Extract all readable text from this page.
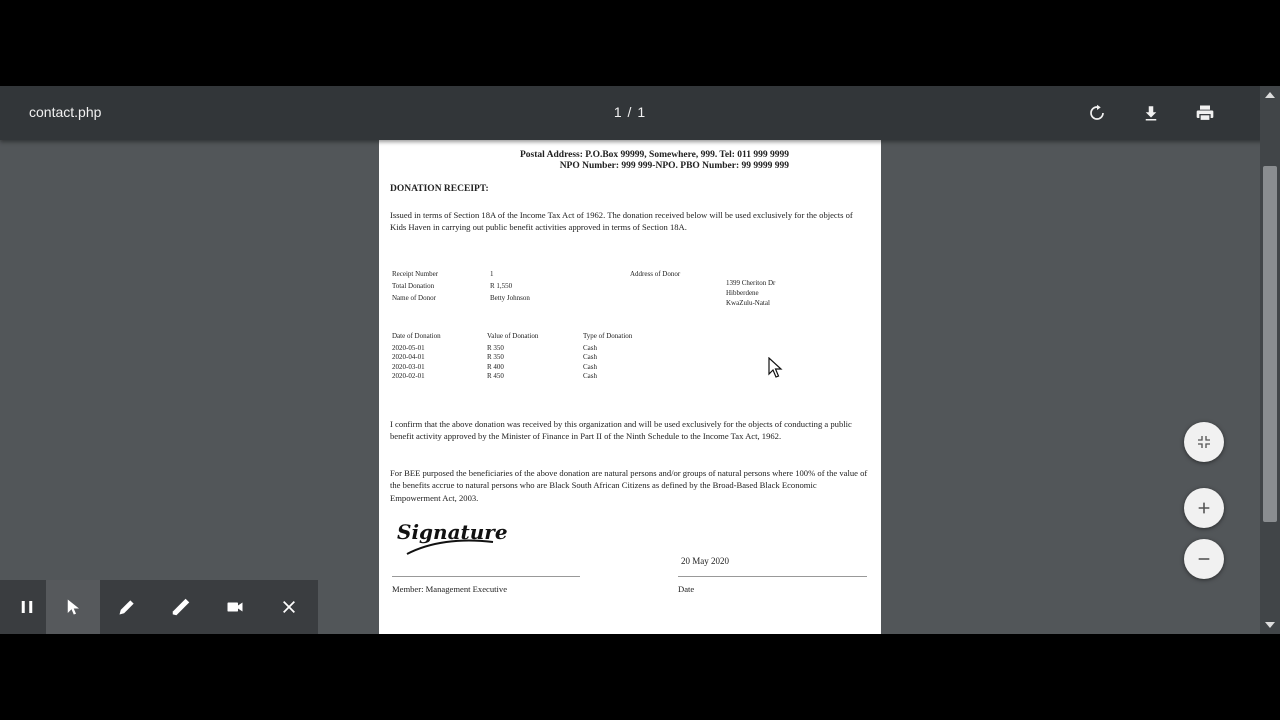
contact.php	1 / 1

Postal Address: P.O.Box 99999, Somewhere, 999. Tel: 011 999 9999

NPO Number: 999 999-NPO. PBO Number: 99 9999 999

DONATION RECEIPT:

Issued in terms of Section 18A of the Income Tax Act of 1962. The donation received below will be used exclusively for the objects of Kids Haven in carrying out public benefit activities approved in terms of Section 18A.

Receipt Number	1

Total Donation	R 1,550

Name of Donor	Betty Johnson

Address of Donor

1399 Cheriton Dr

Hibberdene

KwaZulu-Natal

Date of Donation	Value of Donation	Type of Donation

2020-05-01	R 350	Cash

2020-04-01	R 350	Cash

2020-03-01	R 400	Cash

2020-02-01	R 450	Cash

I confirm that the above donation was received by this organization and will be used exclusively for the objects of conducting a public benefit activity approved by the Minister of Finance in Part II of the Ninth Schedule to the Income Tax Act, 1962.

For BEE purposed the beneficiaries of the above donation are natural persons and/or groups of natural persons where 100% of the value of the benefits accrue to natural persons who are Black South African Citizens as defined by the Broad-Based Black Economic Empowerment Act, 2003.

Signature

20 May 2020

Member: Management Executive	Date
